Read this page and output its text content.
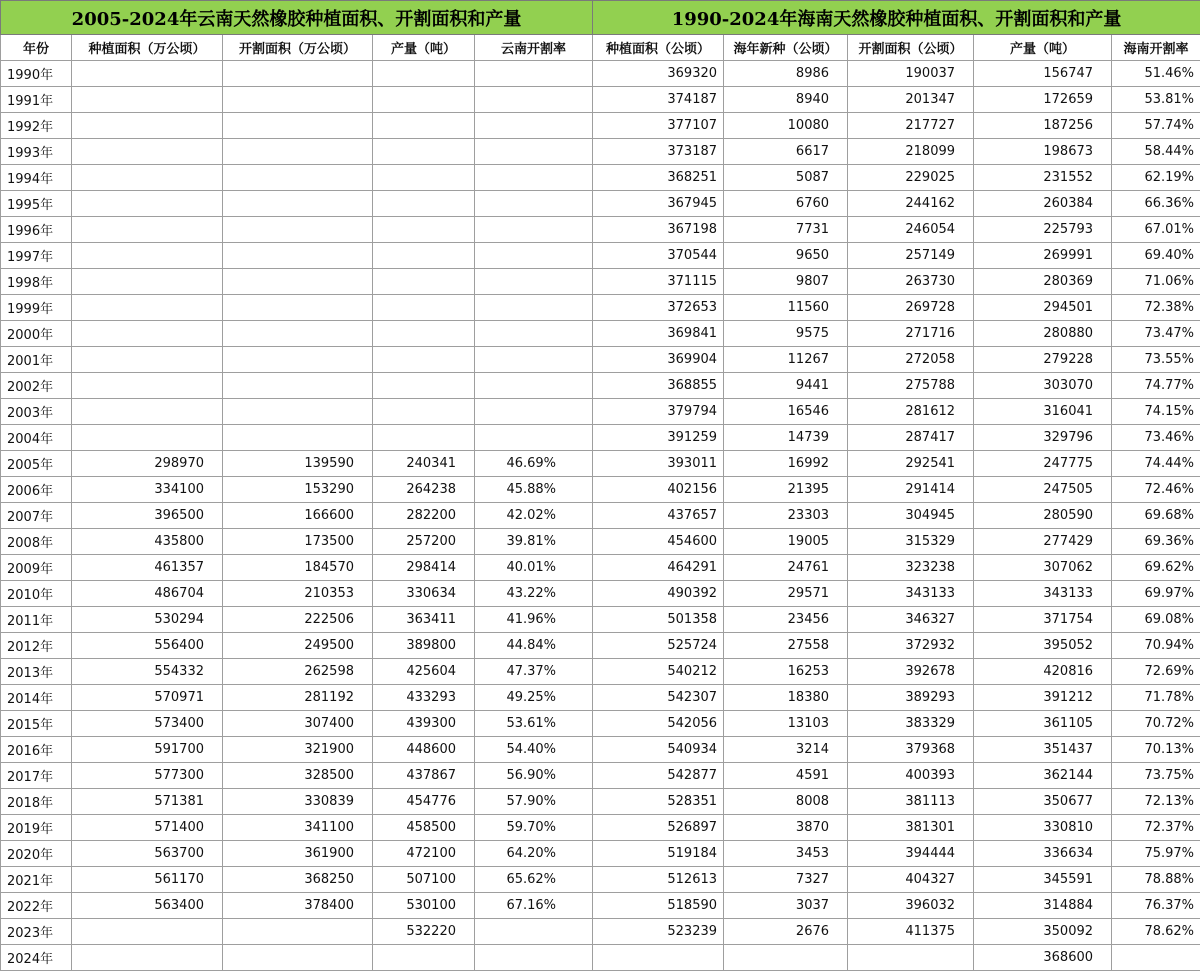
2005-2024年云南天然橡胶种植面积、开割面积和产量					1990-2024年海南天然橡胶种植面积、开割面积和产量				
年份	种植面积（万公顷）	开割面积（万公顷）	产量（吨）	云南开割率	种植面积（公顷）	海年新种（公顷）	开割面积（公顷）	产量（吨）	海南开割率
1990年					369320	8986	190037	156747	51.46%
1991年					374187	8940	201347	172659	53.81%
1992年					377107	10080	217727	187256	57.74%
1993年					373187	6617	218099	198673	58.44%
1994年					368251	5087	229025	231552	62.19%
1995年					367945	6760	244162	260384	66.36%
1996年					367198	7731	246054	225793	67.01%
1997年					370544	9650	257149	269991	69.40%
1998年					371115	9807	263730	280369	71.06%
1999年					372653	11560	269728	294501	72.38%
2000年					369841	9575	271716	280880	73.47%
2001年					369904	11267	272058	279228	73.55%
2002年					368855	9441	275788	303070	74.77%
2003年					379794	16546	281612	316041	74.15%
2004年					391259	14739	287417	329796	73.46%
2005年	298970	139590	240341	46.69%	393011	16992	292541	247775	74.44%
2006年	334100	153290	264238	45.88%	402156	21395	291414	247505	72.46%
2007年	396500	166600	282200	42.02%	437657	23303	304945	280590	69.68%
2008年	435800	173500	257200	39.81%	454600	19005	315329	277429	69.36%
2009年	461357	184570	298414	40.01%	464291	24761	323238	307062	69.62%
2010年	486704	210353	330634	43.22%	490392	29571	343133	343133	69.97%
2011年	530294	222506	363411	41.96%	501358	23456	346327	371754	69.08%
2012年	556400	249500	389800	44.84%	525724	27558	372932	395052	70.94%
2013年	554332	262598	425604	47.37%	540212	16253	392678	420816	72.69%
2014年	570971	281192	433293	49.25%	542307	18380	389293	391212	71.78%
2015年	573400	307400	439300	53.61%	542056	13103	383329	361105	70.72%
2016年	591700	321900	448600	54.40%	540934	3214	379368	351437	70.13%
2017年	577300	328500	437867	56.90%	542877	4591	400393	362144	73.75%
2018年	571381	330839	454776	57.90%	528351	8008	381113	350677	72.13%
2019年	571400	341100	458500	59.70%	526897	3870	381301	330810	72.37%
2020年	563700	361900	472100	64.20%	519184	3453	394444	336634	75.97%
2021年	561170	368250	507100	65.62%	512613	7327	404327	345591	78.88%
2022年	563400	378400	530100	67.16%	518590	3037	396032	314884	76.37%
2023年			532220		523239	2676	411375	350092	78.62%
2024年								368600	
